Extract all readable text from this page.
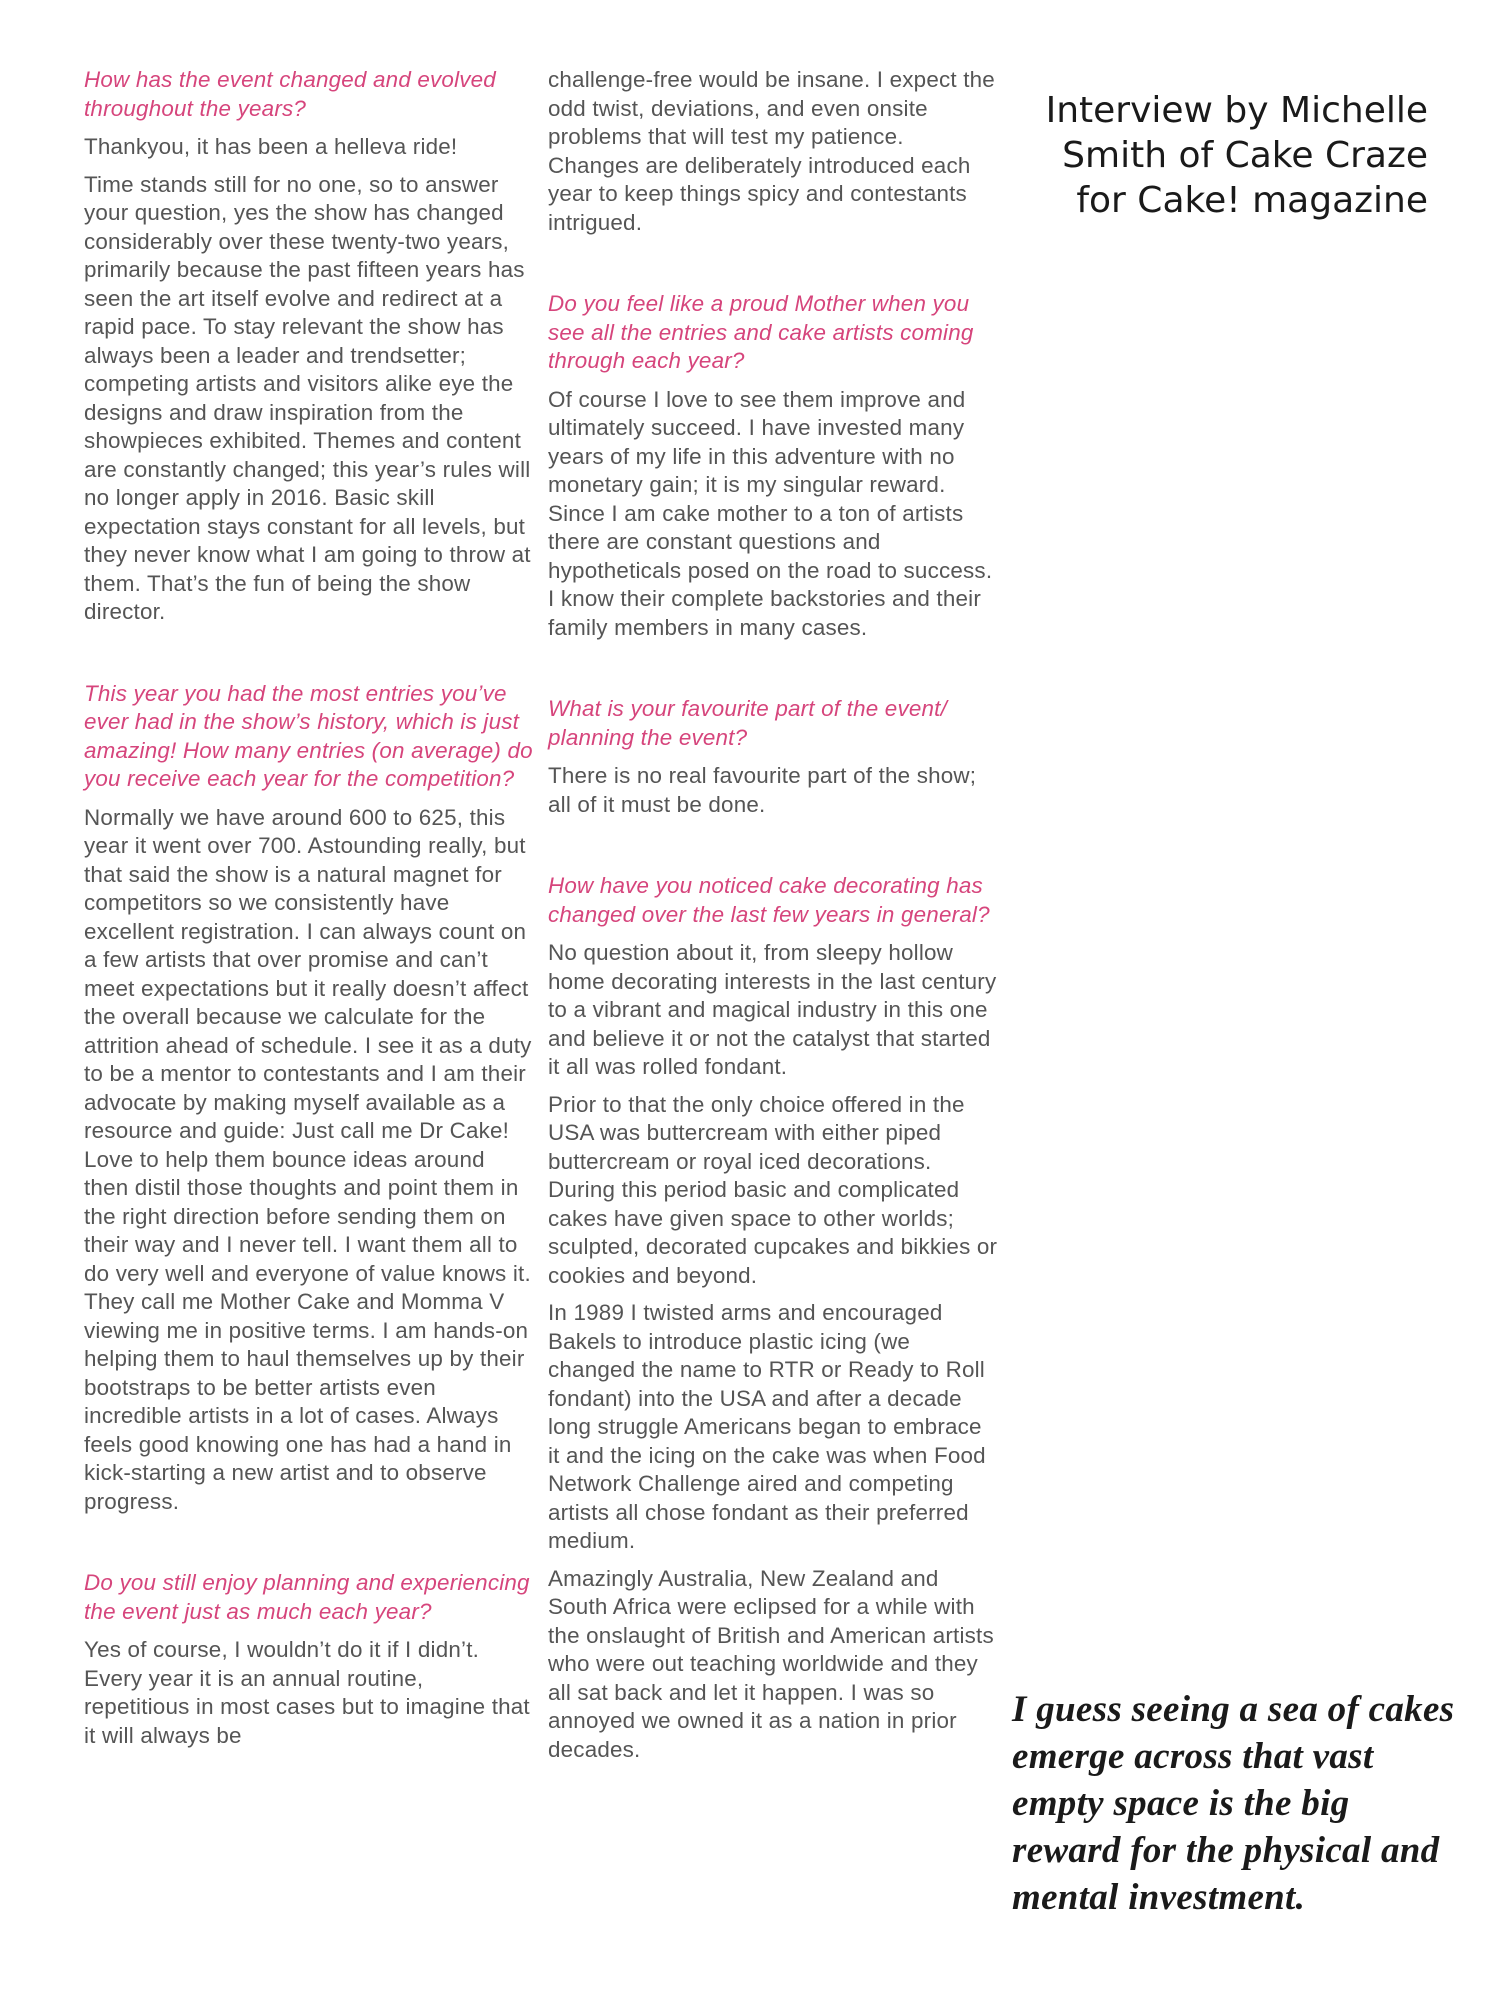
How has the event changed and evolved throughout the years?

Thankyou, it has been a helleva ride!

Time stands still for no one, so to answer your question, yes the show has changed considerably over these twenty-two years, primarily because the past fifteen years has seen the art itself evolve and redirect at a rapid pace. To stay relevant the show has always been a leader and trendsetter; competing artists and visitors alike eye the designs and draw inspiration from the showpieces exhibited. Themes and content are constantly changed; this year’s rules will no longer apply in 2016. Basic skill expectation stays constant for all levels, but they never know what I am going to throw at them. That’s the fun of being the show director.

This year you had the most entries you’ve ever had in the show’s history, which is just amazing! How many entries (on average) do you receive each year for the competition?

Normally we have around 600 to 625, this year it went over 700. Astounding really, but that said the show is a natural magnet for competitors so we consistently have excellent registration. I can always count on a few artists that over promise and can’t meet expectations but it really doesn’t affect the overall because we calculate for the attrition ahead of schedule. I see it as a duty to be a mentor to contestants and I am their advocate by making myself available as a resource and guide: Just call me Dr Cake! Love to help them bounce ideas around then distil those thoughts and point them in the right direction before sending them on their way and I never tell. I want them all to do very well and everyone of value knows it. They call me Mother Cake and Momma V viewing me in positive terms. I am hands-on helping them to haul themselves up by their bootstraps to be better artists even incredible artists in a lot of cases. Always feels good knowing one has had a hand in kick-starting a new artist and to observe progress.

Do you still enjoy planning and experiencing the event just as much each year?

Yes of course, I wouldn’t do it if I didn’t. Every year it is an annual routine, repetitious in most cases but to imagine that it will always be

challenge-free would be insane. I expect the odd twist, deviations, and even onsite problems that will test my patience. Changes are deliberately introduced each year to keep things spicy and contestants intrigued.

Do you feel like a proud Mother when you see all the entries and cake artists coming through each year?

Of course I love to see them improve and ultimately succeed. I have invested many years of my life in this adventure with no monetary gain; it is my singular reward. Since I am cake mother to a ton of artists there are constant questions and hypotheticals posed on the road to success. I know their complete backstories and their family members in many cases.

What is your favourite part of the event/ planning the event?

There is no real favourite part of the show; all of it must be done.

How have you noticed cake decorating has changed over the last few years in general?

No question about it, from sleepy hollow home decorating interests in the last century to a vibrant and magical industry in this one and believe it or not the catalyst that started it all was rolled fondant.

Prior to that the only choice offered in the USA was buttercream with either piped buttercream or royal iced decorations. During this period basic and complicated cakes have given space to other worlds; sculpted, decorated cupcakes and bikkies or cookies and beyond.

In 1989 I twisted arms and encouraged Bakels to introduce plastic icing (we changed the name to RTR or Ready to Roll fondant) into the USA and after a decade long struggle Americans began to embrace it and the icing on the cake was when Food Network Challenge aired and competing artists all chose fondant as their preferred medium.

Amazingly Australia, New Zealand and South Africa were eclipsed for a while with the onslaught of British and American artists who were out teaching worldwide and they all sat back and let it happen. I was so annoyed we owned it as a nation in prior decades.

Interview by Michelle Smith of Cake Craze for Cake! magazine

I guess seeing a sea of cakes emerge across that vast empty space is the big reward for the physical and mental investment.
